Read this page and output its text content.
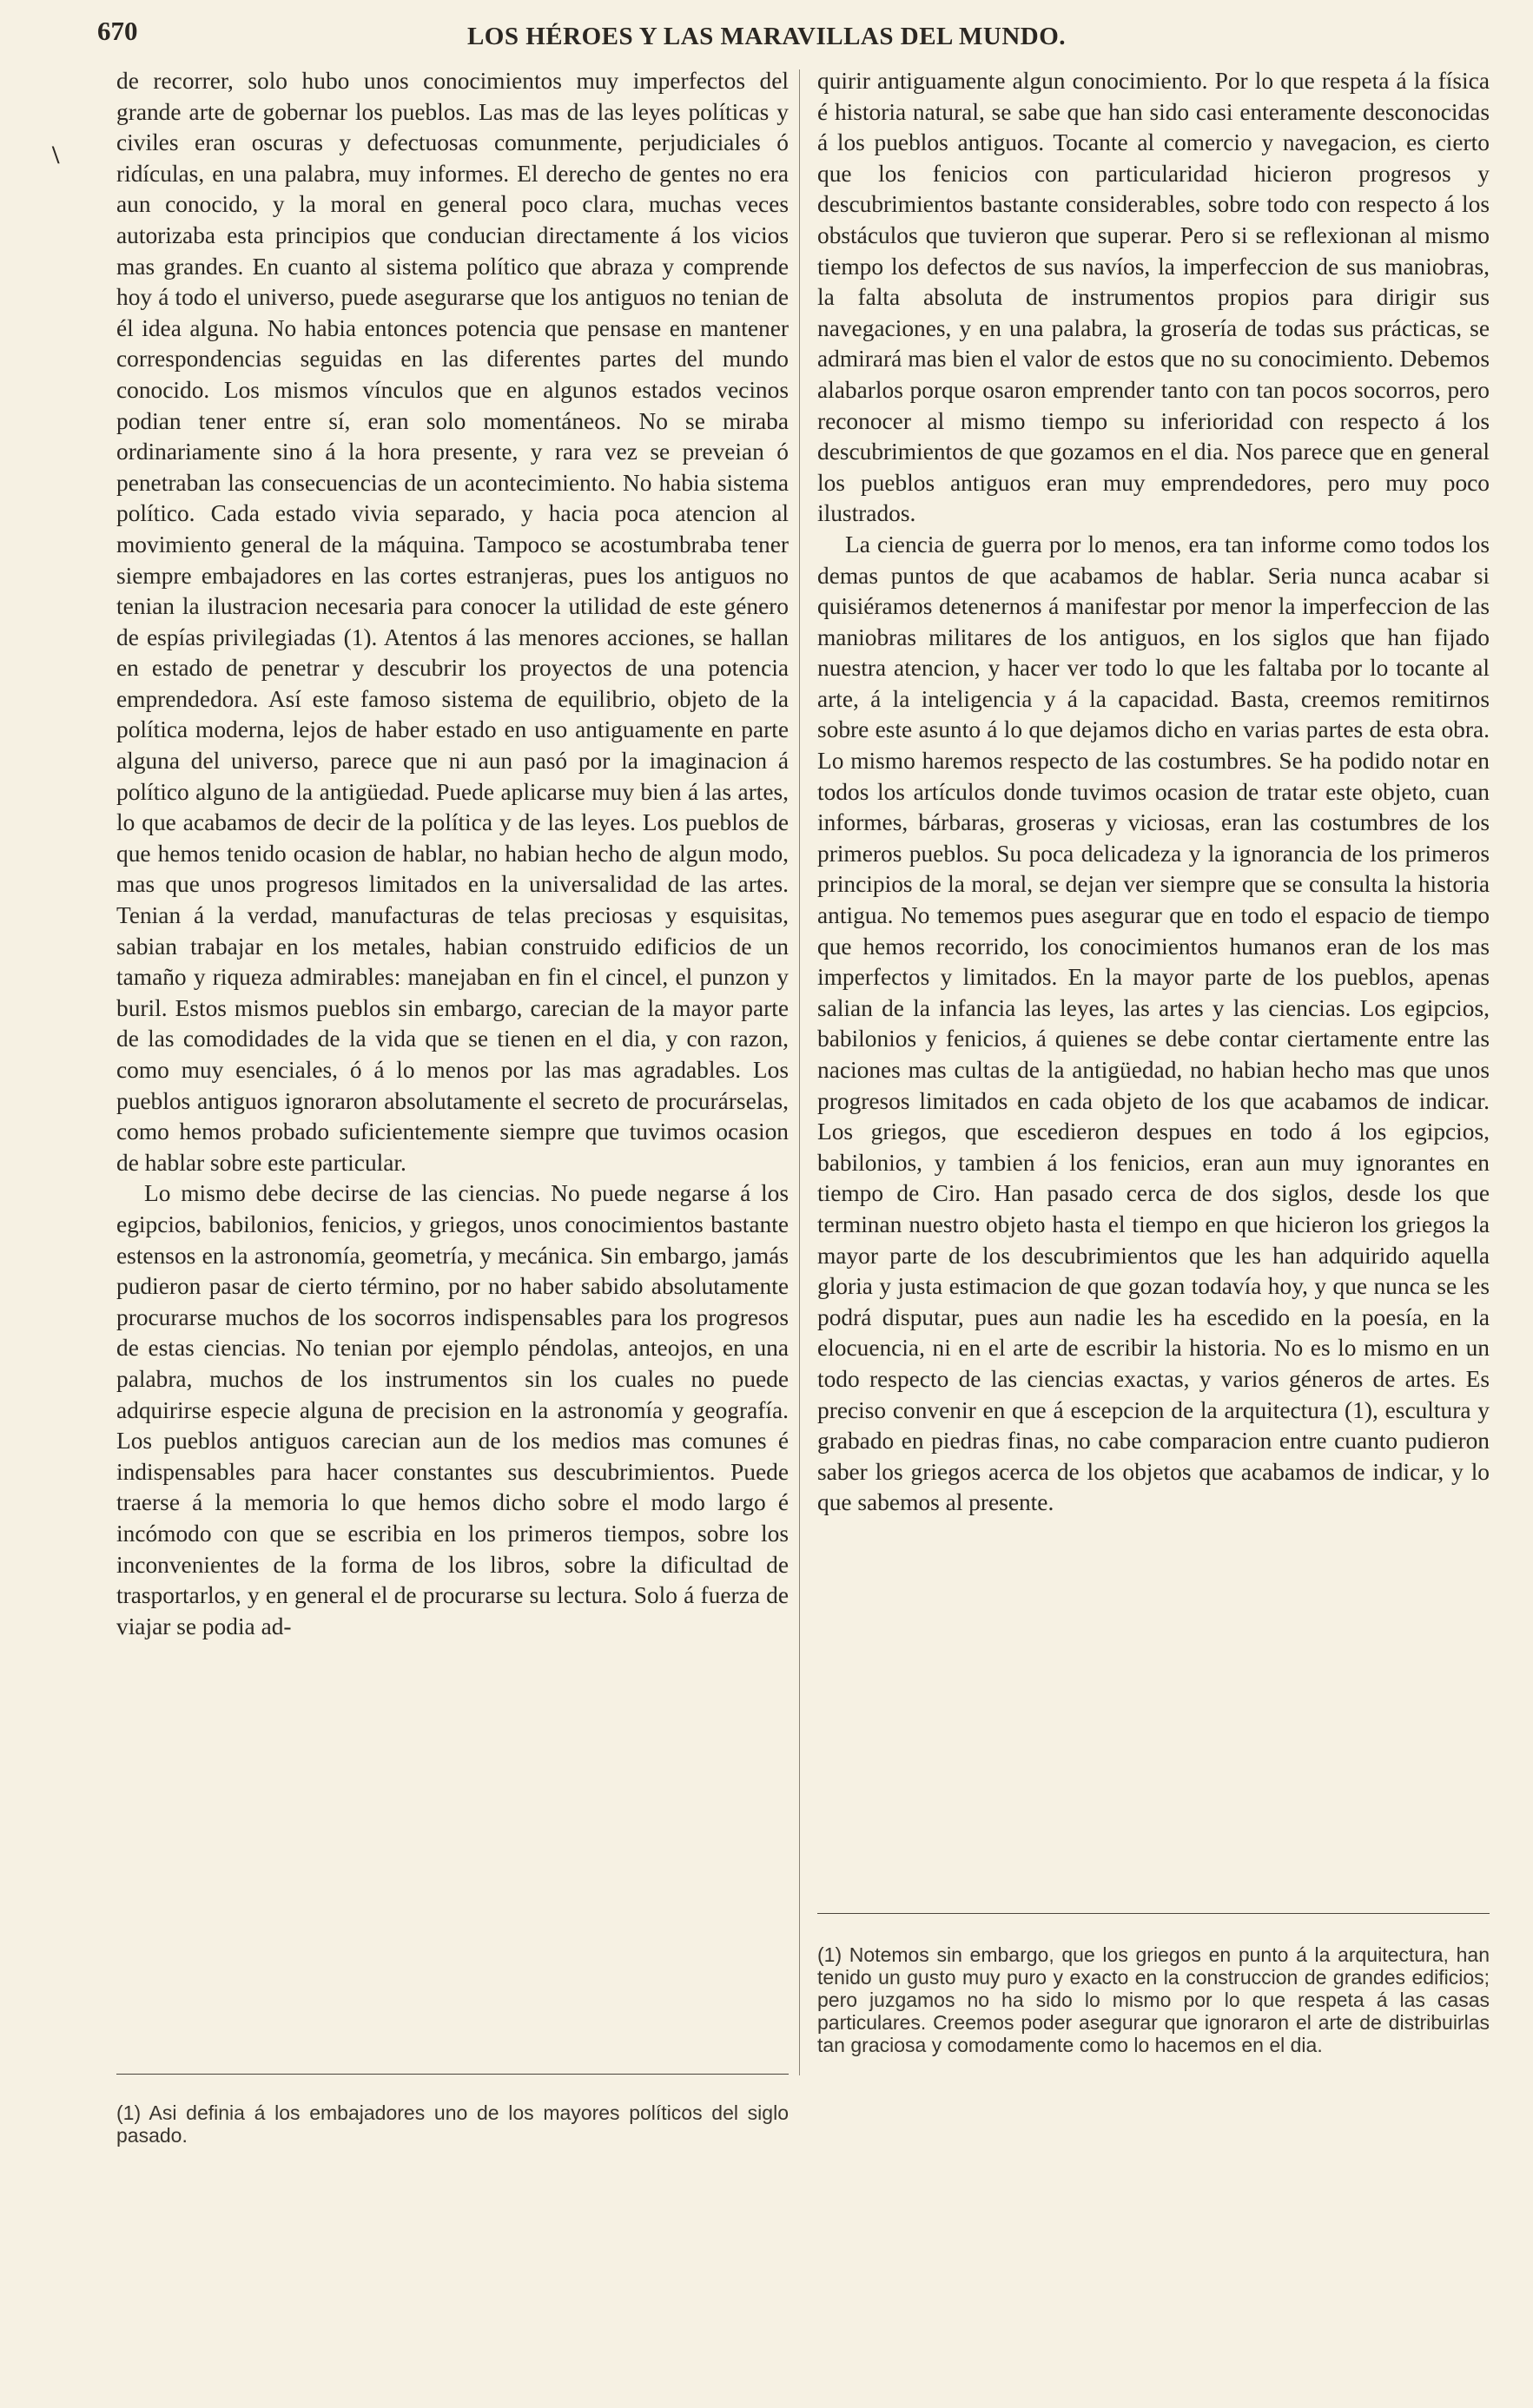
670	LOS HÉROES Y LAS MARAVILLAS DEL MUNDO.
\

de recorrer, solo hubo unos conocimientos muy imperfectos del grande arte de gobernar los pueblos. Las mas de las leyes políticas y civiles eran oscuras y defectuosas comunmente, perjudiciales ó ridículas, en una palabra, muy informes. El derecho de gentes no era aun conocido, y la moral en general poco clara, muchas veces autorizaba esta principios que conducian directamente á los vicios mas grandes. En cuanto al sistema político que abraza y comprende hoy á todo el universo, puede asegurarse que los antiguos no tenian de él idea alguna. No habia entonces potencia que pensase en mantener correspondencias seguidas en las diferentes partes del mundo conocido. Los mismos vínculos que en algunos estados vecinos podian tener entre sí, eran solo momentáneos. No se miraba ordinariamente sino á la hora presente, y rara vez se preveian ó penetraban las consecuencias de un acontecimiento. No habia sistema político. Cada estado vivia separado, y hacia poca atencion al movimiento general de la máquina. Tampoco se acostumbraba tener siempre embajadores en las cortes estranjeras, pues los antiguos no tenian la ilustracion necesaria para conocer la utilidad de este género de espías privilegiadas (1). Atentos á las menores acciones, se hallan en estado de penetrar y descubrir los proyectos de una potencia emprendedora. Así este famoso sistema de equilibrio, objeto de la política moderna, lejos de haber estado en uso antiguamente en parte alguna del universo, parece que ni aun pasó por la imaginacion á político alguno de la antigüedad. Puede aplicarse muy bien á las artes, lo que acabamos de decir de la política y de las leyes. Los pueblos de que hemos tenido ocasion de hablar, no habian hecho de algun modo, mas que unos progresos limitados en la universalidad de las artes. Tenian á la verdad, manufacturas de telas preciosas y esquisitas, sabian trabajar en los metales, habian construido edificios de un tamaño y riqueza admirables: manejaban en fin el cincel, el punzon y buril. Estos mismos pueblos sin embargo, carecian de la mayor parte de las comodidades de la vida que se tienen en el dia, y con razon, como muy esenciales, ó á lo menos por las mas agradables. Los pueblos antiguos ignoraron absolutamente el secreto de procurárselas, como hemos probado suficientemente siempre que tuvimos ocasion de hablar sobre este particular.

Lo mismo debe decirse de las ciencias. No puede negarse á los egipcios, babilonios, fenicios, y griegos, unos conocimientos bastante estensos en la astronomía, geometría, y mecánica. Sin embargo, jamás pudieron pasar de cierto término, por no haber sabido absolutamente procurarse muchos de los socorros indispensables para los progresos de estas ciencias. No tenian por ejemplo péndolas, anteojos, en una palabra, muchos de los instrumentos sin los cuales no puede adquirirse especie alguna de precision en la astronomía y geografía. Los pueblos antiguos carecian aun de los medios mas comunes é indispensables para hacer constantes sus descubrimientos. Puede traerse á la memoria lo que hemos dicho sobre el modo largo é incómodo con que se escribia en los primeros tiempos, sobre los inconvenientes de la forma de los libros, sobre la dificultad de trasportarlos, y en general el de procurarse su lectura. Solo á fuerza de viajar se podia ad-

quirir antiguamente algun conocimiento. Por lo que respeta á la física é historia natural, se sabe que han sido casi enteramente desconocidas á los pueblos antiguos. Tocante al comercio y navegacion, es cierto que los fenicios con particularidad hicieron progresos y descubrimientos bastante considerables, sobre todo con respecto á los obstáculos que tuvieron que superar. Pero si se reflexionan al mismo tiempo los defectos de sus navíos, la imperfeccion de sus maniobras, la falta absoluta de instrumentos propios para dirigir sus navegaciones, y en una palabra, la grosería de todas sus prácticas, se admirará mas bien el valor de estos que no su conocimiento. Debemos alabarlos porque osaron emprender tanto con tan pocos socorros, pero reconocer al mismo tiempo su inferioridad con respecto á los descubrimientos de que gozamos en el dia. Nos parece que en general los pueblos antiguos eran muy emprendedores, pero muy poco ilustrados.

La ciencia de guerra por lo menos, era tan informe como todos los demas puntos de que acabamos de hablar. Seria nunca acabar si quisiéramos detenernos á manifestar por menor la imperfeccion de las maniobras militares de los antiguos, en los siglos que han fijado nuestra atencion, y hacer ver todo lo que les faltaba por lo tocante al arte, á la inteligencia y á la capacidad. Basta, creemos remitirnos sobre este asunto á lo que dejamos dicho en varias partes de esta obra. Lo mismo haremos respecto de las costumbres. Se ha podido notar en todos los artículos donde tuvimos ocasion de tratar este objeto, cuan informes, bárbaras, groseras y viciosas, eran las costumbres de los primeros pueblos. Su poca delicadeza y la ignorancia de los primeros principios de la moral, se dejan ver siempre que se consulta la historia antigua. No tememos pues asegurar que en todo el espacio de tiempo que hemos recorrido, los conocimientos humanos eran de los mas imperfectos y limitados. En la mayor parte de los pueblos, apenas salian de la infancia las leyes, las artes y las ciencias. Los egipcios, babilonios y fenicios, á quienes se debe contar ciertamente entre las naciones mas cultas de la antigüedad, no habian hecho mas que unos progresos limitados en cada objeto de los que acabamos de indicar. Los griegos, que escedieron despues en todo á los egipcios, babilonios, y tambien á los fenicios, eran aun muy ignorantes en tiempo de Ciro. Han pasado cerca de dos siglos, desde los que terminan nuestro objeto hasta el tiempo en que hicieron los griegos la mayor parte de los descubrimientos que les han adquirido aquella gloria y justa estimacion de que gozan todavía hoy, y que nunca se les podrá disputar, pues aun nadie les ha escedido en la poesía, en la elocuencia, ni en el arte de escribir la historia. No es lo mismo en un todo respecto de las ciencias exactas, y varios géneros de artes. Es preciso convenir en que á escepcion de la arquitectura (1), escultura y grabado en piedras finas, no cabe comparacion entre cuanto pudieron saber los griegos acerca de los objetos que acabamos de indicar, y lo que sabemos al presente.

(1) Asi definia á los embajadores uno de los mayores políticos del siglo pasado.
(1) Notemos sin embargo, que los griegos en punto á la arquitectura, han tenido un gusto muy puro y exacto en la construccion de grandes edificios; pero juzgamos no ha sido lo mismo por lo que respeta á las casas particulares. Creemos poder asegurar que ignoraron el arte de distribuirlas tan graciosa y comodamente como lo hacemos en el dia.
